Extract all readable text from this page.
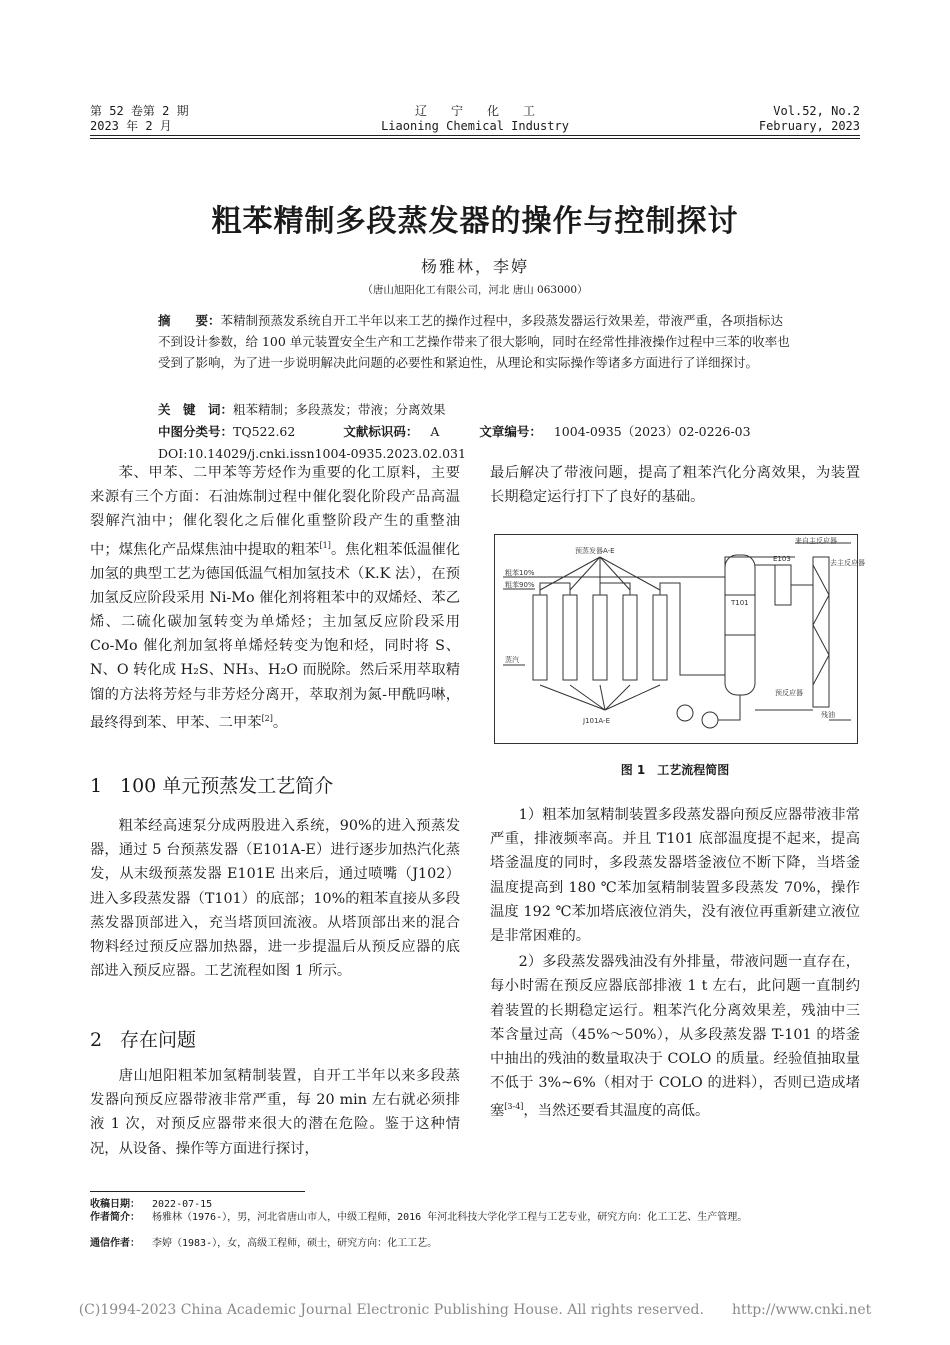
第 52 卷第 2 期
2023 年 2 月
辽　　宁　　化　　工
Liaoning Chemical Industry
Vol.52, No.2
February, 2023
粗苯精制多段蒸发器的操作与控制探讨
杨雅林，李婷
（唐山旭阳化工有限公司，河北 唐山 063000）
摘　　要：苯精制预蒸发系统自开工半年以来工艺的操作过程中，多段蒸发器运行效果差，带液严重，各项指标达不到设计参数，给 100 单元装置安全生产和工艺操作带来了很大影响，同时在经常性排液操作过程中三苯的收率也受到了影响，为了进一步说明解决此问题的必要性和紧迫性，从理论和实际操作等诸多方面进行了详细探讨。
关　键　词：粗苯精制；多段蒸发；带液；分离效果
中图分类号：TQ522.62	文献标识码： A	文章编号： 1004-0935（2023）02-0226-03
DOI:10.14029/j.cnki.issn1004-0935.2023.02.031

苯、甲苯、二甲苯等芳烃作为重要的化工原料，主要来源有三个方面：石油炼制过程中催化裂化阶段产品高温裂解汽油中；催化裂化之后催化重整阶段产生的重整油中；煤焦化产品煤焦油中提取的粗苯[1]。焦化粗苯低温催化加氢的典型工艺为德国低温气相加氢技术（K.K 法），在预加氢反应阶段采用 Ni-Mo 催化剂将粗苯中的双烯烃、苯乙烯、二硫化碳加氢转变为单烯烃；主加氢反应阶段采用 Co-Mo 催化剂加氢将单烯烃转变为饱和烃，同时将 S、N、O 转化成 H₂S、NH₃、H₂O 而脱除。然后采用萃取精馏的方法将芳烃与非芳烃分离开，萃取剂为氮-甲酰吗啉，最终得到苯、甲苯、二甲苯[2]。

1 100 单元预蒸发工艺简介

粗苯经高速泵分成两股进入系统，90%的进入预蒸发器，通过 5 台预蒸发器（E101A-E）进行逐步加热汽化蒸发，从末级预蒸发器 E101E 出来后，通过喷嘴（J102）进入多段蒸发器（T101）的底部；10%的粗苯直接从多段蒸发器顶部进入，充当塔顶回流液。从塔顶部出来的混合物料经过预反应器加热器，进一步提温后从预反应器的底部进入预反应器。工艺流程如图 1 所示。

2 存在问题

唐山旭阳粗苯加氢精制装置，自开工半年以来多段蒸发器向预反应器带液非常严重，每 20 min 左右就必须排液 1 次，对预反应器带来很大的潜在危险。鉴于这种情况，从设备、操作等方面进行探讨，

最后解决了带液问题，提高了粗苯汽化分离效果，为装置长期稳定运行打下了良好的基础。

预蒸发器A-E
来自主反应器
去主反应器
粗苯10%
粗苯90%
蒸汽
E103
T101
J101A-E
预反应器
残油
图 1　工艺流程简图

1）粗苯加氢精制装置多段蒸发器向预反应器带液非常严重，排液频率高。并且 T101 底部温度提不起来，提高塔釜温度的同时，多段蒸发器塔釜液位不断下降，当塔釜温度提高到 180 ℃苯加氢精制装置多段蒸发 70%，操作温度 192 ℃苯加塔底液位消失，没有液位再重新建立液位是非常困难的。

2）多段蒸发器残油没有外排量，带液问题一直存在，每小时需在预反应器底部排液 1 t 左右，此问题一直制约着装置的长期稳定运行。粗苯汽化分离效果差，残油中三苯含量过高（45%～50%），从多段蒸发器 T-101 的塔釜中抽出的残油的数量取决于 COLO 的质量。经验值抽取量不低于 3%~6%（相对于 COLO 的进料），否则已造成堵塞[3-4]，当然还要看其温度的高低。

收稿日期： 2022-07-15
作者简介： 杨雅林（1976-），男，河北省唐山市人，中级工程师，2016 年河北科技大学化学工程与工艺专业，研究方向：化工工艺、生产管理。
通信作者： 李婷（1983-），女，高级工程师，硕士，研究方向：化工工艺。
(C)1994-2023 China Academic Journal Electronic Publishing House. All rights reserved.　　http://www.cnki.net
